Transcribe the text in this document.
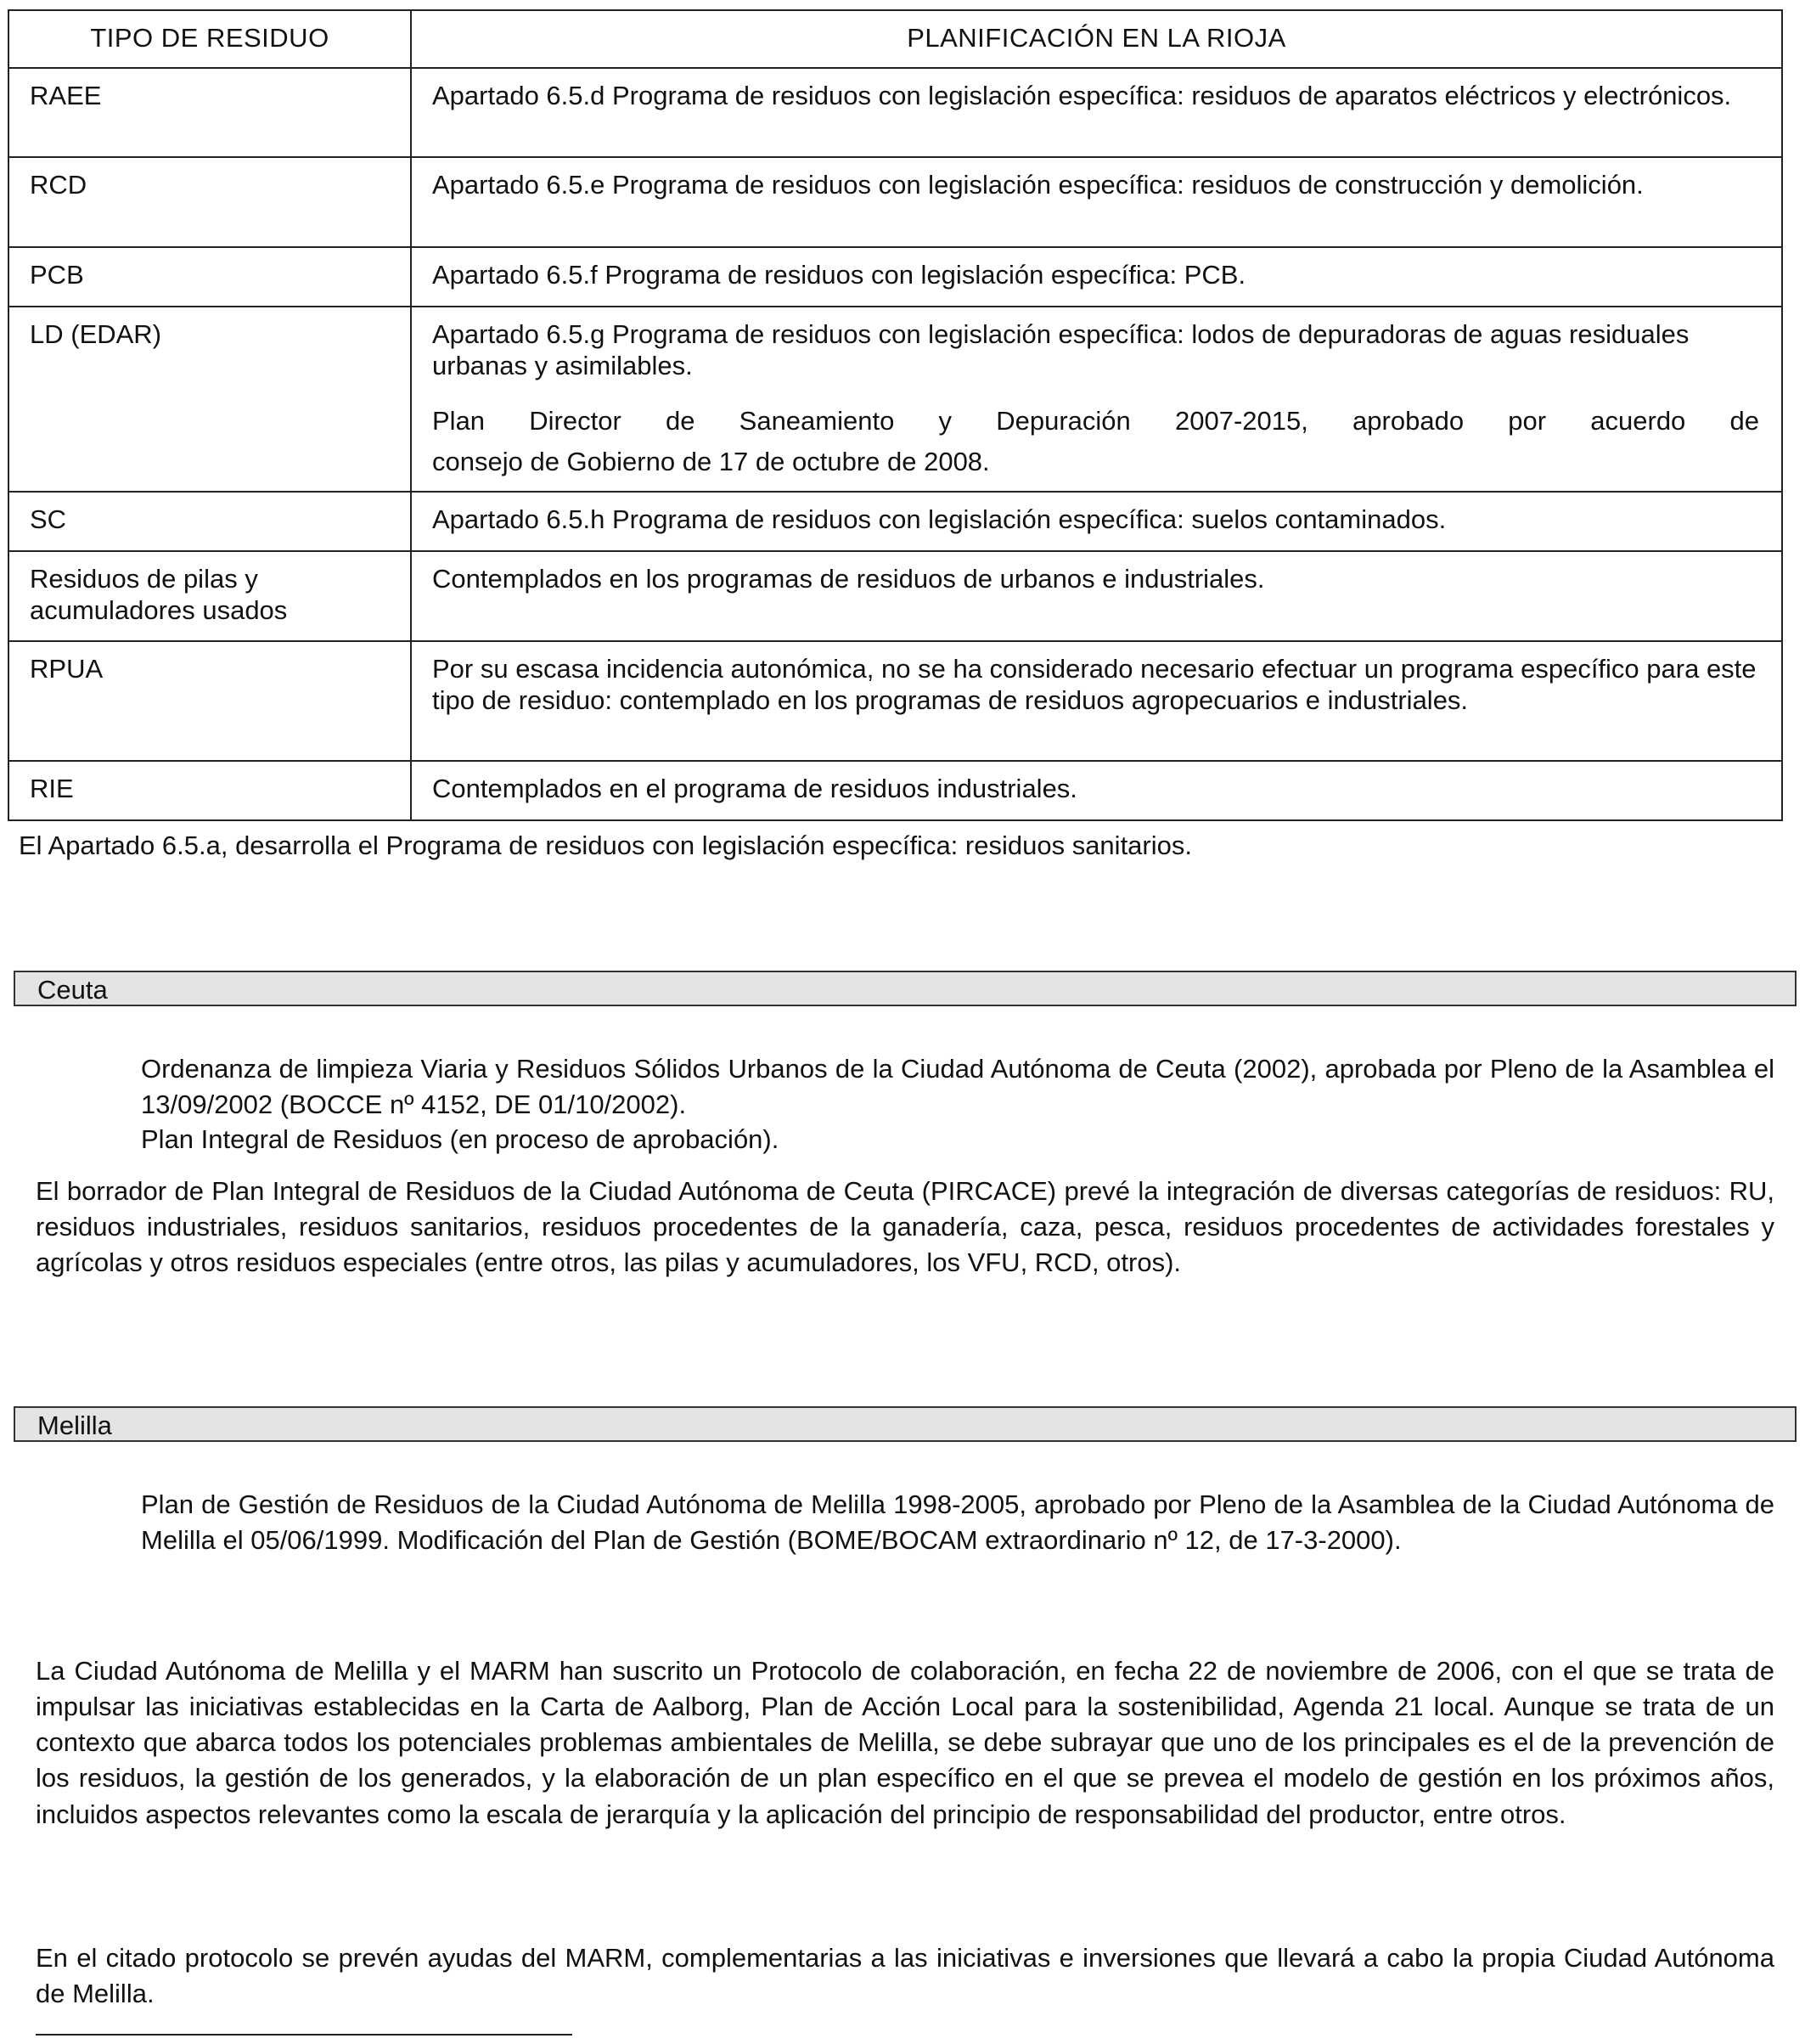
TIPO DE RESIDUO	PLANIFICACIÓN EN LA RIOJA
RAEE	Apartado 6.5.d Programa de residuos con legislación específica: residuos de aparatos eléctricos y electrónicos.

RCD	Apartado 6.5.e Programa de residuos con legislación específica: residuos de construcción y demolición.

PCB	Apartado 6.5.f Programa de residuos con legislación específica: PCB.

LD (EDAR)	Apartado 6.5.g Programa de residuos con legislación específica: lodos de depuradoras de aguas residuales urbanas y asimilables.

Plan Director de Saneamiento y Depuración 2007-2015, aprobado por acuerdo de

consejo de Gobierno de 17 de octubre de 2008.

SC	Apartado 6.5.h Programa de residuos con legislación específica: suelos contaminados.

Residuos de pilas y acumuladores usados	Contemplados en los programas de residuos de urbanos e industriales.

RPUA	Por su escasa incidencia autonómica, no se ha considerado necesario efectuar un programa específico para este tipo de residuo: contemplado en los programas de residuos agropecuarios e industriales.

RIE	Contemplados en el programa de residuos industriales.

El Apartado 6.5.a, desarrolla el Programa de residuos con legislación específica: residuos sanitarios.

Ceuta

Ordenanza de limpieza Viaria y Residuos Sólidos Urbanos de la Ciudad Autónoma de Ceuta (2002), aprobada por Pleno de la Asamblea el 13/09/2002 (BOCCE nº 4152, DE 01/10/2002).

Plan Integral de Residuos (en proceso de aprobación).

El borrador de Plan Integral de Residuos de la Ciudad Autónoma de Ceuta (PIRCACE) prevé la integración de diversas categorías de residuos: RU, residuos industriales, residuos sanitarios, residuos procedentes de la ganadería, caza, pesca, residuos procedentes de actividades forestales y agrícolas y otros residuos especiales (entre otros, las pilas y acumuladores, los VFU, RCD, otros).

Melilla

Plan de Gestión de Residuos de la Ciudad Autónoma de Melilla 1998-2005, aprobado por Pleno de la Asamblea de la Ciudad Autónoma de Melilla el 05/06/1999. Modificación del Plan de Gestión (BOME/BOCAM extraordinario nº 12, de 17-3-2000).

La Ciudad Autónoma de Melilla y el MARM han suscrito un Protocolo de colaboración, en fecha 22 de noviembre de 2006, con el que se trata de impulsar las iniciativas establecidas en la Carta de Aalborg, Plan de Acción Local para la sostenibilidad, Agenda 21 local. Aunque se trata de un contexto que abarca todos los potenciales problemas ambientales de Melilla, se debe subrayar que uno de los principales es el de la prevención de los residuos, la gestión de los generados, y la elaboración de un plan específico en el que se prevea el modelo de gestión en los próximos años, incluidos aspectos relevantes como la escala de jerarquía y la aplicación del principio de responsabilidad del productor, entre otros.

En el citado protocolo se prevén ayudas del MARM, complementarias a las iniciativas e inversiones que llevará a cabo la propia Ciudad Autónoma de Melilla.
